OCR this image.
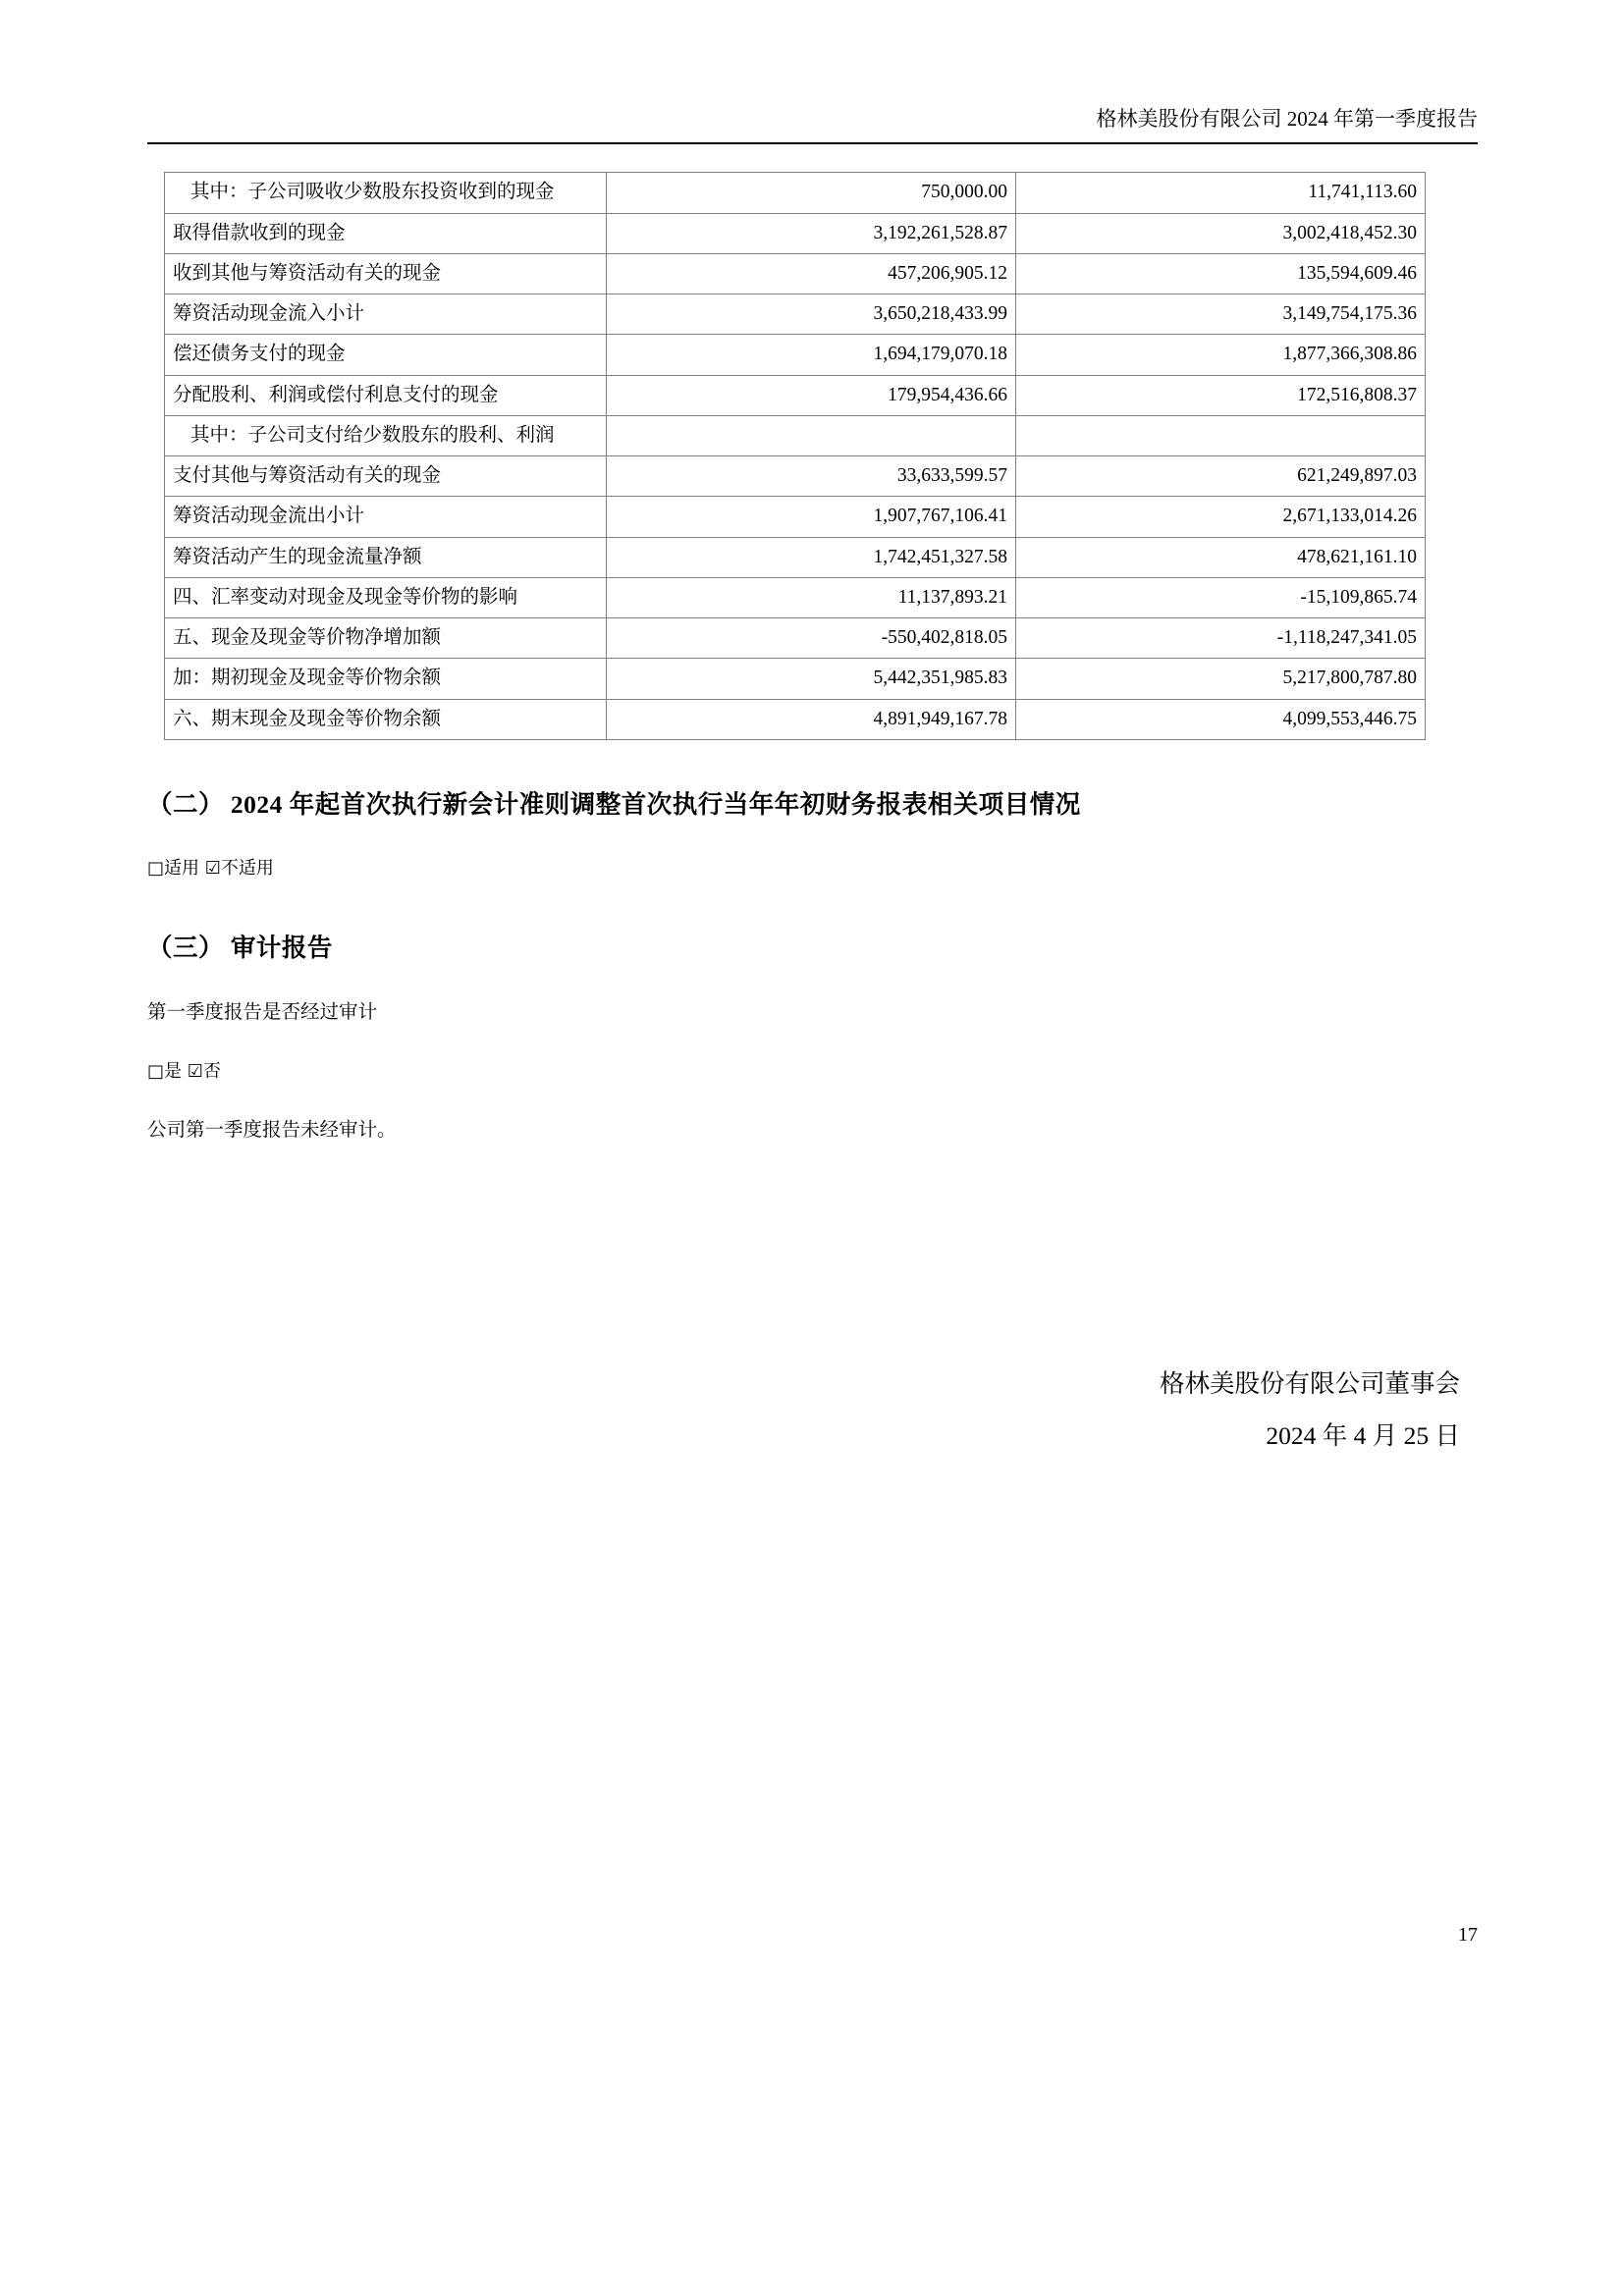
格林美股份有限公司 2024 年第一季度报告
其中：子公司吸收少数股东投资收到的现金	750,000.00	11,741,113.60
取得借款收到的现金	3,192,261,528.87	3,002,418,452.30
收到其他与筹资活动有关的现金	457,206,905.12	135,594,609.46
筹资活动现金流入小计	3,650,218,433.99	3,149,754,175.36
偿还债务支付的现金	1,694,179,070.18	1,877,366,308.86
分配股利、利润或偿付利息支付的现金	179,954,436.66	172,516,808.37
其中：子公司支付给少数股东的股利、利润		
支付其他与筹资活动有关的现金	33,633,599.57	621,249,897.03
筹资活动现金流出小计	1,907,767,106.41	2,671,133,014.26
筹资活动产生的现金流量净额	1,742,451,327.58	478,621,161.10
四、汇率变动对现金及现金等价物的影响	11,137,893.21	-15,109,865.74
五、现金及现金等价物净增加额	-550,402,818.05	-1,118,247,341.05
加：期初现金及现金等价物余额	5,442,351,985.83	5,217,800,787.80
六、期末现金及现金等价物余额	4,891,949,167.78	4,099,553,446.75
（二） 2024 年起首次执行新会计准则调整首次执行当年年初财务报表相关项目情况

□适用 ☑不适用

（三） 审计报告

第一季度报告是否经过审计

□是 ☑否

公司第一季度报告未经审计。

格林美股份有限公司董事会
2024 年 4 月 25 日
17
